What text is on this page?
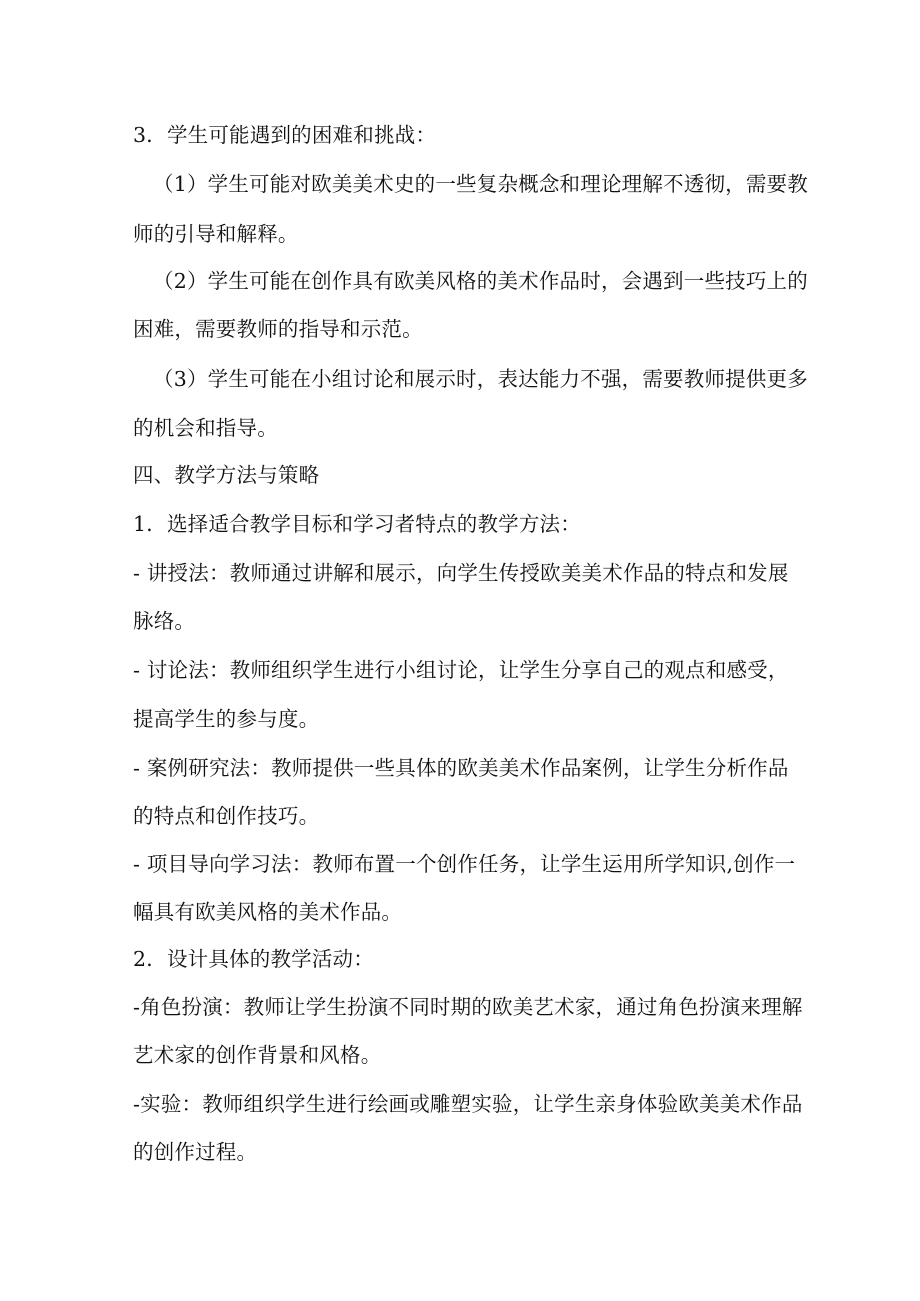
3．学生可能遇到的困难和挑战：
（1）学生可能对欧美美术史的一些复杂概念和理论理解不透彻，需要教
师的引导和解释。
（2）学生可能在创作具有欧美风格的美术作品时，会遇到一些技巧上的
困难，需要教师的指导和示范。
（3）学生可能在小组讨论和展示时，表达能力不强，需要教师提供更多
的机会和指导。
四、教学方法与策略
1．选择适合教学目标和学习者特点的教学方法：
- 讲授法：教师通过讲解和展示，向学生传授欧美美术作品的特点和发展
脉络。
- 讨论法：教师组织学生进行小组讨论，让学生分享自己的观点和感受，
提高学生的参与度。
- 案例研究法：教师提供一些具体的欧美美术作品案例，让学生分析作品
的特点和创作技巧。
- 项目导向学习法：教师布置一个创作任务，让学生运用所学知识,创作一
幅具有欧美风格的美术作品。
2．设计具体的教学活动：
-角色扮演：教师让学生扮演不同时期的欧美艺术家，通过角色扮演来理解
艺术家的创作背景和风格。
-实验：教师组织学生进行绘画或雕塑实验，让学生亲身体验欧美美术作品
的创作过程。
